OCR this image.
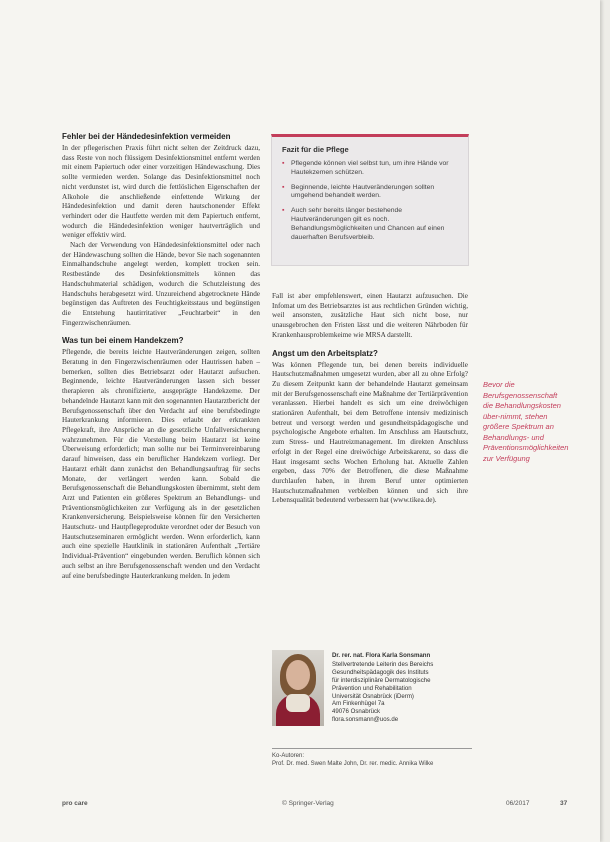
Fehler bei der Händedesinfektion vermeiden

In der pflegerischen Praxis führt nicht selten der Zeitdruck dazu, dass Reste von noch flüssigem Desinfektionsmittel entfernt werden mit einem Papiertuch oder einer vorzeitigen Händewaschung. Dies sollte vermieden werden. Solange das Desinfektionsmittel noch nicht verdunstet ist, wird durch die fettlöslichen Eigenschaften der Alkohole die anschließende einfettende Wirkung der Händedesinfektion und damit deren hautschonender Effekt verhindert oder die Hautfette werden mit dem Papiertuch entfernt, wodurch die Händedesinfektion weniger hautverträglich und weniger effektiv wird.

Nach der Verwendung von Händedesinfektionsmittel oder nach der Händewaschung sollten die Hände, bevor Sie nach sogenannten Einmalhandschuhe angelegt werden, komplett trocken sein. Restbestände des Desinfektionsmittels können das Handschuhmaterial schädigen, wodurch die Schutzleistung des Handschuhs herabgesetzt wird. Unzureichend abgetrocknete Hände begünstigen das Auftreten des Feuchtigkeitsstaus und begünstigen die Entstehung hautirritativer „Feuchtarbeit“ in den Fingerzwischenräumen.

Was tun bei einem Handekzem?

Pflegende, die bereits leichte Hautveränderungen zeigen, sollten Beratung in den Fingerzwischenräumen oder Hautrissen haben – bemerken, sollten dies Betriebsarzt oder Hautarzt aufsuchen. Beginnende, leichte Hautveränderungen lassen sich besser therapieren als chronifizierte, ausgeprägte Handekzeme. Der behandelnde Hautarzt kann mit den sogenannten Hautarztbericht der Berufsgenossenschaft über den Verdacht auf eine berufsbedingte Hauterkrankung informieren. Dies erlaubt der erkrankten Pflegekraft, ihre Ansprüche an die gesetzliche Unfallversicherung wahrzunehmen. Für die Vorstellung beim Hautarzt ist keine Überweisung erforderlich; man sollte nur bei Terminvereinbarung darauf hinweisen, dass ein beruflicher Handekzem vorliegt. Der Hautarzt erhält dann zunächst den Behandlungsauftrag für sechs Monate, der verlängert werden kann. Sobald die Berufsgenossenschaft die Behandlungskosten übernimmt, steht dem Arzt und Patienten ein größeres Spektrum an Behandlungs- und Präventionsmöglichkeiten zur Verfügung als in der gesetzlichen Krankenversicherung. Beispielsweise können für den Versicherten Hautschutz- und Hautpflegeprodukte verordnet oder der Besuch von Hautschutzseminaren ermöglicht werden. Wenn erforderlich, kann auch eine spezielle Hautklinik in stationären Aufenthalt „Tertiäre Individual-Prävention“ eingebunden werden. Beruflich können sich auch selbst an ihre Berufsgenossenschaft wenden und den Verdacht auf eine berufsbedingte Hauterkrankung melden. In jedem

Fazit für die Pflege
▪ Pflegende können viel selbst tun, um ihre Hände vor Hautekzemen schützen.
▪ Beginnende, leichte Hautveränderungen sollten umgehend behandelt werden.
▪ Auch sehr bereits länger bestehende Hautveränderungen gilt es noch. Behandlungsmöglichkeiten und Chancen auf einen dauerhaften Berufsverbleib.

Fall ist aber empfehlenswert, einen Hautarzt aufzusuchen. Die Infomat um des Betriebsarztes ist aus rechtlichen Gründen wichtig, weil ansonsten, zusätzliche Haut sich nicht bose, nur unausgebrochen den Fristen lässt und die weiteren Nährboden für Krankenhausproblemkeime wie MRSA darstellt.

Angst um den Arbeitsplatz?

Was können Pflegende tun, bei denen bereits individuelle Hautschutzmaßnahmen umgesetzt wurden, aber all zu ohne Erfolg? Zu diesem Zeitpunkt kann der behandelnde Hautarzt gemeinsam mit der Berufsgenossenschaft eine Maßnahme der Tertiärprävention veranlassen. Hierbei handelt es sich um eine dreiwöchigen stationären Aufenthalt, bei dem Betroffene intensiv medizinisch betreut und versorgt werden und gesundheitspädagogische und psychologische Angebote erhalten. Im Anschluss am Hautschutz, zum Stress- und Hautreizmanagement. Im direkten Anschluss erfolgt in der Regel eine dreiwöchige Arbeitskarenz, so dass die Haut insgesamt sechs Wochen Erholung hat. Aktuelle Zahlen ergeben, dass 70% der Betroffenen, die diese Maßnahme durchlaufen haben, in ihrem Beruf unter optimierten Hautschutzmaßnahmen verbleiben können und sich ihre Lebensqualität bedeutend verbessern hat (www.tikea.de).

Bevor die Berufsgenossenschaft die Behandlungskosten über-nimmt, stehen größere Spektrum an Behandlungs- und Präventionsmöglichkeiten zur Verfügung
Dr. rer. nat. Flora Karla Sonsmann
Stellvertretende Leiterin des Bereichs
Gesundheitspädagogik des Instituts
für interdisziplinäre Dermatologische
Prävention und Rehabilitation
Universität Osnabrück (iDerm)
Am Finkenhügel 7a
49076 Osnabrück
flora.sonsmann@uos.de
Ko-Autoren:
Prof. Dr. med. Swen Malte John, Dr. rer. medic. Annika Wilke
pro care	© Springer-Verlag	06/2017	37
